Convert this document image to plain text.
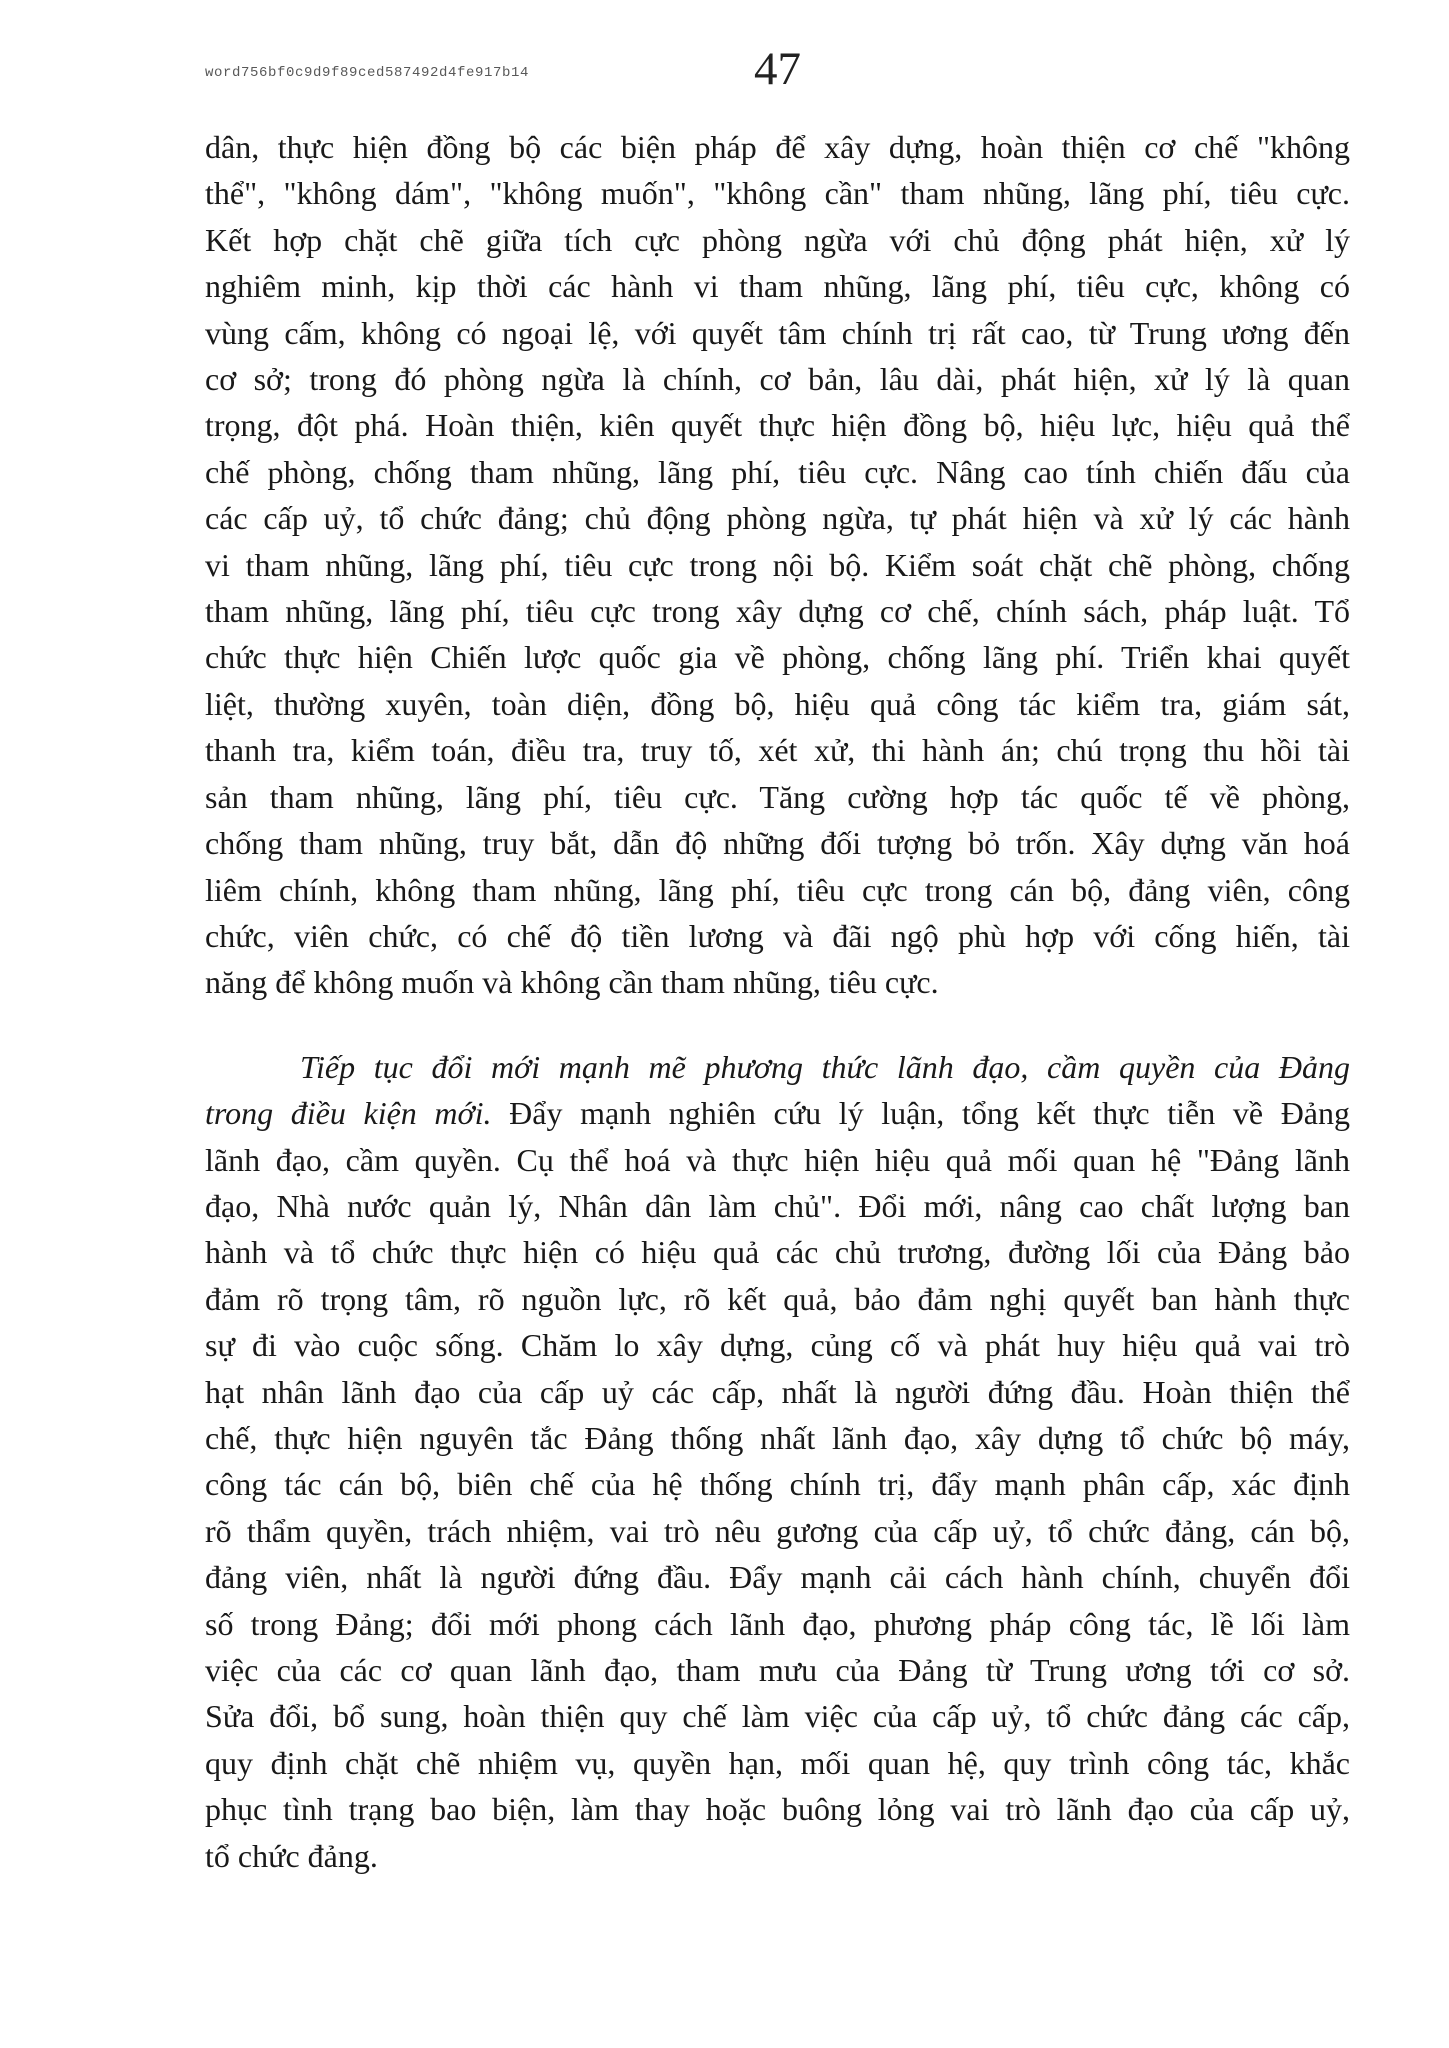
word756bf0c9d9f89ced587492d4fe917b14	47
dân, thực hiện đồng bộ các biện pháp để xây dựng, hoàn thiện cơ chế "không
thể", "không dám", "không muốn", "không cần" tham nhũng, lãng phí, tiêu cực.
Kết hợp chặt chẽ giữa tích cực phòng ngừa với chủ động phát hiện, xử lý
nghiêm minh, kịp thời các hành vi tham nhũng, lãng phí, tiêu cực, không có
vùng cấm, không có ngoại lệ, với quyết tâm chính trị rất cao, từ Trung ương đến
cơ sở; trong đó phòng ngừa là chính, cơ bản, lâu dài, phát hiện, xử lý là quan
trọng, đột phá. Hoàn thiện, kiên quyết thực hiện đồng bộ, hiệu lực, hiệu quả thể
chế phòng, chống tham nhũng, lãng phí, tiêu cực. Nâng cao tính chiến đấu của
các cấp uỷ, tổ chức đảng; chủ động phòng ngừa, tự phát hiện và xử lý các hành
vi tham nhũng, lãng phí, tiêu cực trong nội bộ. Kiểm soát chặt chẽ phòng, chống
tham nhũng, lãng phí, tiêu cực trong xây dựng cơ chế, chính sách, pháp luật. Tổ
chức thực hiện Chiến lược quốc gia về phòng, chống lãng phí. Triển khai quyết
liệt, thường xuyên, toàn diện, đồng bộ, hiệu quả công tác kiểm tra, giám sát,
thanh tra, kiểm toán, điều tra, truy tố, xét xử, thi hành án; chú trọng thu hồi tài
sản tham nhũng, lãng phí, tiêu cực. Tăng cường hợp tác quốc tế về phòng,
chống tham nhũng, truy bắt, dẫn độ những đối tượng bỏ trốn. Xây dựng văn hoá
liêm chính, không tham nhũng, lãng phí, tiêu cực trong cán bộ, đảng viên, công
chức, viên chức, có chế độ tiền lương và đãi ngộ phù hợp với cống hiến, tài
năng để không muốn và không cần tham nhũng, tiêu cực.
Tiếp tục đổi mới mạnh mẽ phương thức lãnh đạo, cầm quyền của Đảng
trong điều kiện mới. Đẩy mạnh nghiên cứu lý luận, tổng kết thực tiễn về Đảng
lãnh đạo, cầm quyền. Cụ thể hoá và thực hiện hiệu quả mối quan hệ "Đảng lãnh
đạo, Nhà nước quản lý, Nhân dân làm chủ". Đổi mới, nâng cao chất lượng ban
hành và tổ chức thực hiện có hiệu quả các chủ trương, đường lối của Đảng bảo
đảm rõ trọng tâm, rõ nguồn lực, rõ kết quả, bảo đảm nghị quyết ban hành thực
sự đi vào cuộc sống. Chăm lo xây dựng, củng cố và phát huy hiệu quả vai trò
hạt nhân lãnh đạo của cấp uỷ các cấp, nhất là người đứng đầu. Hoàn thiện thể
chế, thực hiện nguyên tắc Đảng thống nhất lãnh đạo, xây dựng tổ chức bộ máy,
công tác cán bộ, biên chế của hệ thống chính trị, đẩy mạnh phân cấp, xác định
rõ thẩm quyền, trách nhiệm, vai trò nêu gương của cấp uỷ, tổ chức đảng, cán bộ,
đảng viên, nhất là người đứng đầu. Đẩy mạnh cải cách hành chính, chuyển đổi
số trong Đảng; đổi mới phong cách lãnh đạo, phương pháp công tác, lề lối làm
việc của các cơ quan lãnh đạo, tham mưu của Đảng từ Trung ương tới cơ sở.
Sửa đổi, bổ sung, hoàn thiện quy chế làm việc của cấp uỷ, tổ chức đảng các cấp,
quy định chặt chẽ nhiệm vụ, quyền hạn, mối quan hệ, quy trình công tác, khắc
phục tình trạng bao biện, làm thay hoặc buông lỏng vai trò lãnh đạo của cấp uỷ,
tổ chức đảng.
